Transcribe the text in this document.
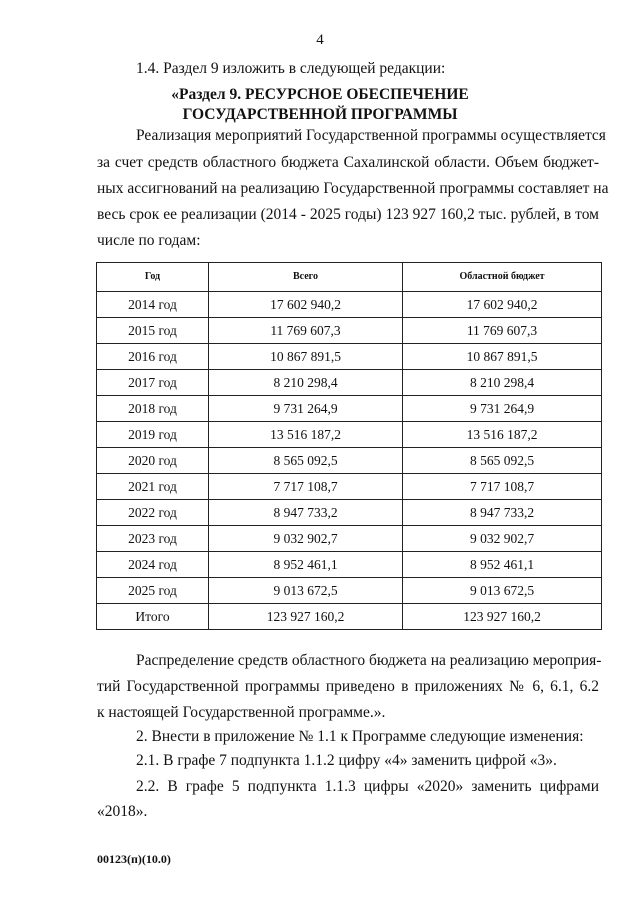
4
1.4. Раздел 9 изложить в следующей редакции:
«Раздел 9. РЕСУРСНОЕ ОБЕСПЕЧЕНИЕ
ГОСУДАРСТВЕННОЙ ПРОГРАММЫ
Реализация мероприятий Государственной программы осуществляется
за счет средств областного бюджета Сахалинской области. Объем бюджет-
ных ассигнований на реализацию Государственной программы составляет на
весь срок ее реализации (2014 - 2025 годы) 123 927 160,2 тыс. рублей, в том
числе по годам:
Год	Всего	Областной бюджет
2014 год	17 602 940,2	17 602 940,2
2015 год	11 769 607,3	11 769 607,3
2016 год	10 867 891,5	10 867 891,5
2017 год	8 210 298,4	8 210 298,4
2018 год	9 731 264,9	9 731 264,9
2019 год	13 516 187,2	13 516 187,2
2020 год	8 565 092,5	8 565 092,5
2021 год	7 717 108,7	7 717 108,7
2022 год	8 947 733,2	8 947 733,2
2023 год	9 032 902,7	9 032 902,7
2024 год	8 952 461,1	8 952 461,1
2025 год	9 013 672,5	9 013 672,5
Итого	123 927 160,2	123 927 160,2
Распределение средств областного бюджета на реализацию мероприя-
тий Государственной программы приведено в приложениях № 6, 6.1, 6.2
к настоящей Государственной программе.».
2. Внести в приложение № 1.1 к Программе следующие изменения:
2.1. В графе 7 подпункта 1.1.2 цифру «4» заменить цифрой «3».
2.2. В графе 5 подпункта 1.1.3 цифры «2020» заменить цифрами
«2018».
00123(п)(10.0)
